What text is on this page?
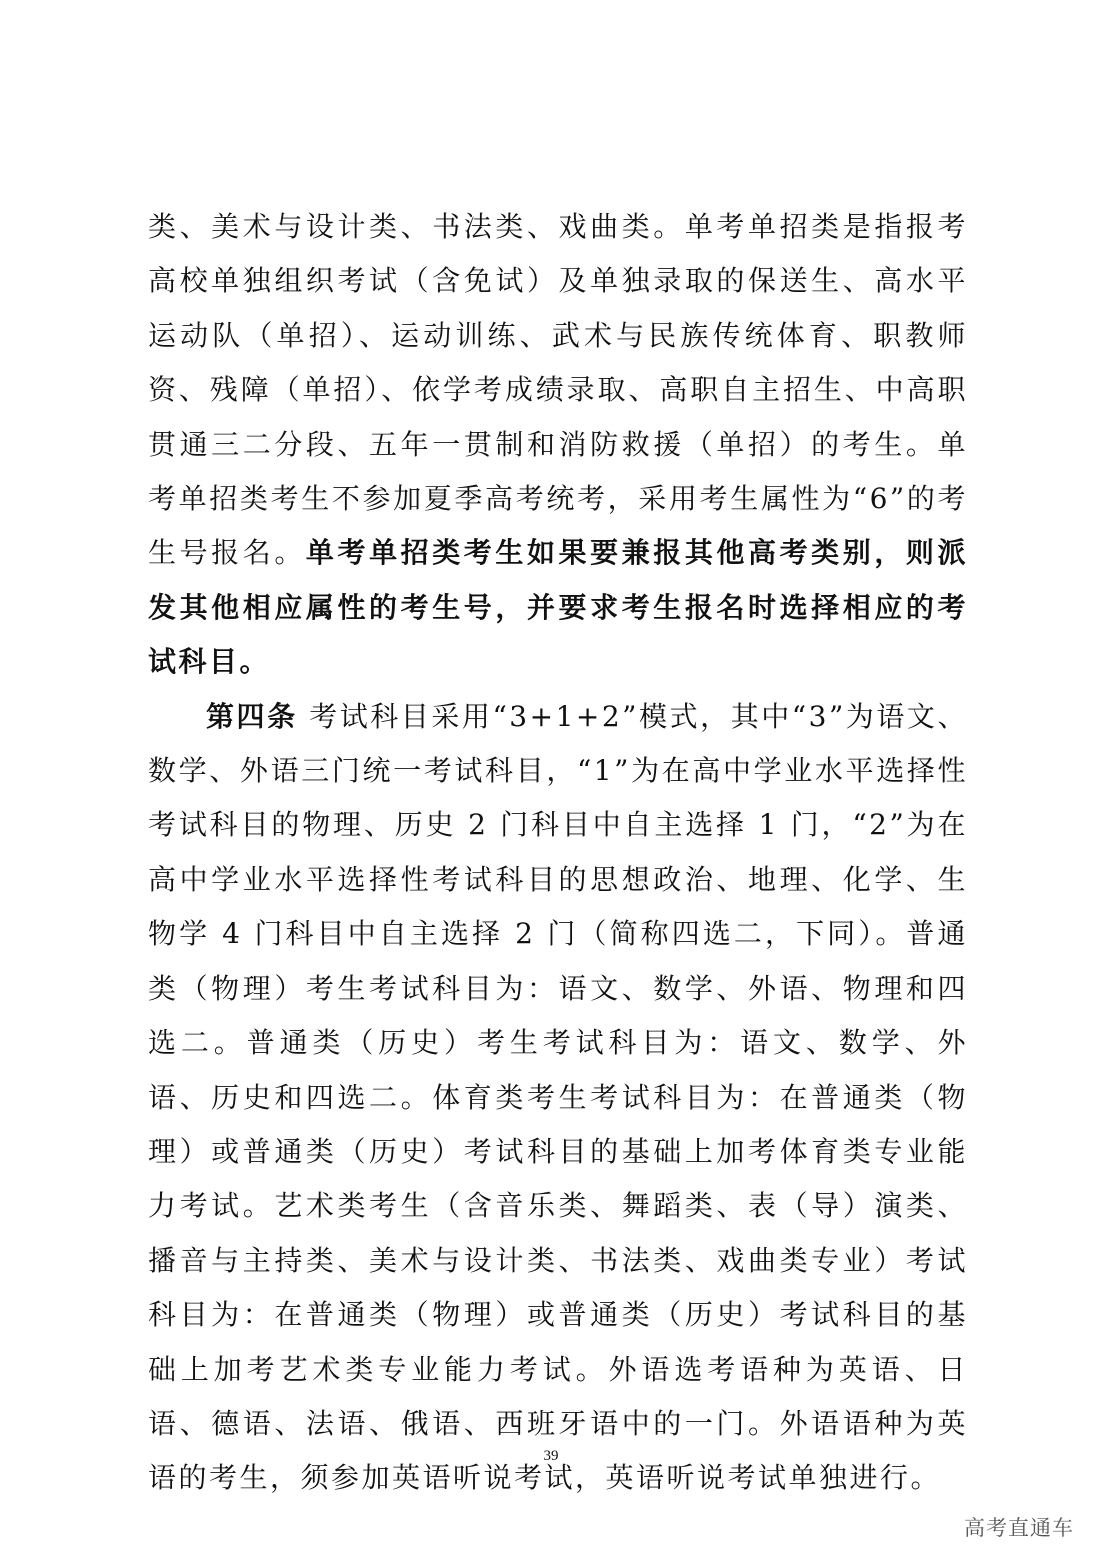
类、美术与设计类、书法类、戏曲类。单考单招类是指报考高校单独组织考试（含免试）及单独录取的保送生、高水平运动队（单招）、运动训练、武术与民族传统体育、职教师资、残障（单招）、依学考成绩录取、高职自主招生、中高职贯通三二分段、五年一贯制和消防救援（单招）的考生。单考单招类考生不参加夏季高考统考，采用考生属性为“6”的考生号报名。单考单招类考生如果要兼报其他高考类别，则派发其他相应属性的考生号，并要求考生报名时选择相应的考试科目。

第四条 考试科目采用“3+1+2”模式，其中“3”为语文、数学、外语三门统一考试科目，“1”为在高中学业水平选择性考试科目的物理、历史 2 门科目中自主选择 1 门，“2”为在高中学业水平选择性考试科目的思想政治、地理、化学、生物学 4 门科目中自主选择 2 门（简称四选二，下同）。普通类（物理）考生考试科目为：语文、数学、外语、物理和四选二。普通类（历史）考生考试科目为：语文、数学、外语、历史和四选二。体育类考生考试科目为：在普通类（物理）或普通类（历史）考试科目的基础上加考体育类专业能力考试。艺术类考生（含音乐类、舞蹈类、表（导）演类、播音与主持类、美术与设计类、书法类、戏曲类专业）考试科目为：在普通类（物理）或普通类（历史）考试科目的基础上加考艺术类专业能力考试。外语选考语种为英语、日语、德语、法语、俄语、西班牙语中的一门。外语语种为英语的考生，须参加英语听说考试，英语听说考试单独进行。

39
高考直通车
